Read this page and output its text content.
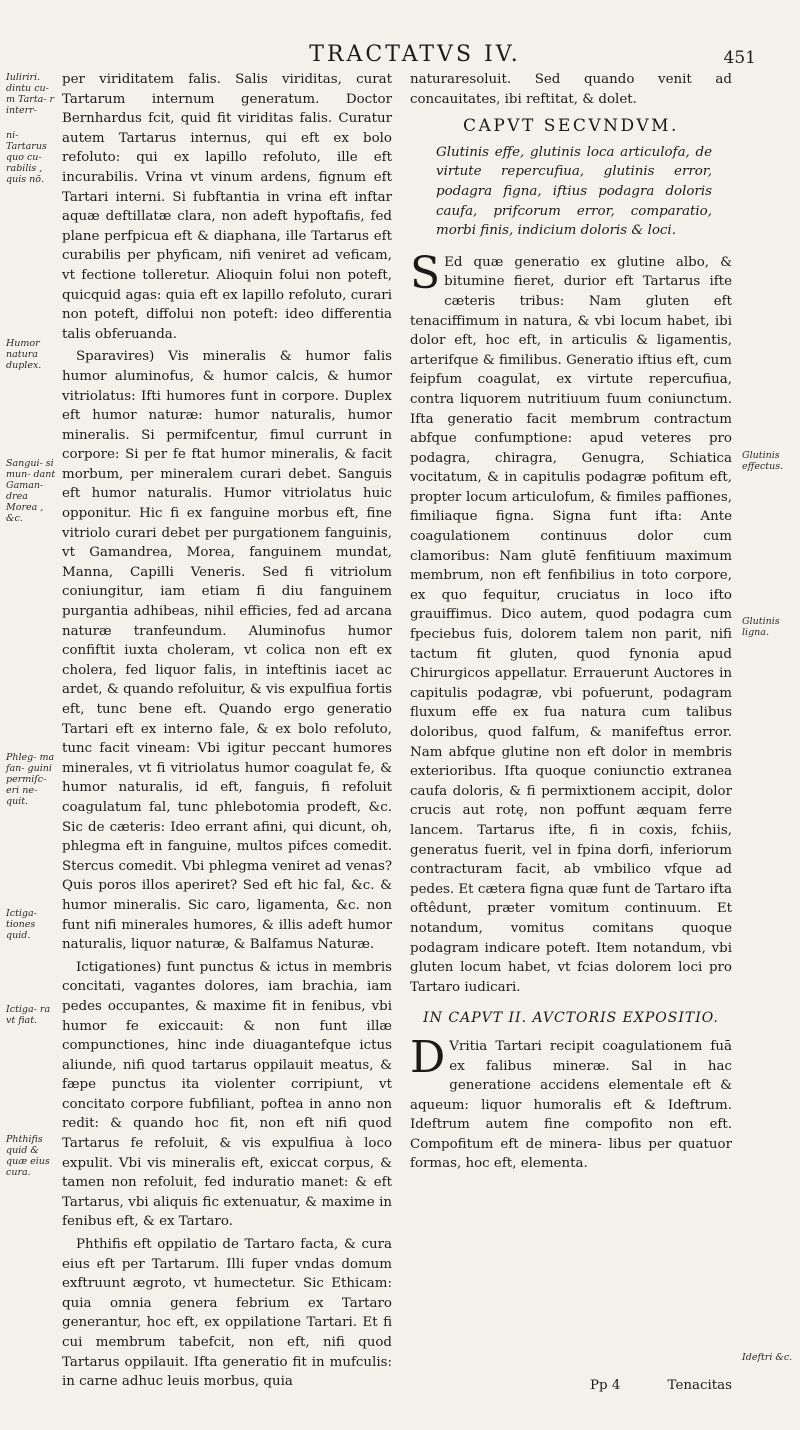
TRACTATVS IV.	451
Iuliriri. dintu cu- m Tarta- r interr-
ni- Tartarus quo cu- rabilis , quis nō.
Humor natura duplex.
Sangui- si mun- dant Gaman- drea Morea , &c.
Phleg- ma fan- guini permiſc- eri ne- quit.
Ictiga- tiones quid.
Ictiga- ra vt fiat.
Phthifis quid & quæ eius cura.

per viriditatem falis. Salis viriditas, curat Tartarum internum generatum. Doctor Bernhardus fcit, quid fit viriditas falis. Curatur autem Tartarus internus, qui eft ex bolo refoluto: qui ex lapillo refoluto, ille eft incurabilis. Vrina vt vinum ardens, fignum eft Tartari interni. Si fubftantia in vrina eft inftar aquæ deftillatæ clara, non adeft hypoftafis, fed plane perfpicua eft & diaphana, ille Tartarus eft curabilis per phyficam, nifi veniret ad veficam, vt fectione tolleretur. Alioquin folui non poteft, quicquid agas: quia eft ex lapillo refoluto, curari non poteft, diffolui non poteft: ideo differentia talis obferuanda.

Sparavires) Vis mineralis & humor falis humor aluminofus, & humor calcis, & humor vitriolatus: Ifti humores funt in corpore. Duplex eft humor naturæ: humor naturalis, humor mineralis. Si permifcentur, fimul currunt in corpore: Si per fe ftat humor mineralis, & facit morbum, per mineralem curari debet. Sanguis eft humor naturalis. Humor vitriolatus huic opponitur. Hic fi ex fanguine morbus eft, fine vitriolo curari debet per purgationem fanguinis, vt Gamandrea, Morea, fanguinem mundat, Manna, Capilli Veneris. Sed fi vitriolum coniungitur, iam etiam fi diu fanguinem purgantia adhibeas, nihil efficies, fed ad arcana naturæ tranfeundum. Aluminofus humor confiftit iuxta choleram, vt colica non eft ex cholera, fed liquor falis, in inteftinis iacet ac ardet, & quando refoluitur, & vis expulfiua fortis eft, tunc bene eft. Quando ergo generatio Tartari eft ex interno fale, & ex bolo refoluto, tunc facit vineam: Vbi igitur peccant humores minerales, vt fi vitriolatus humor coagulat fe, & humor naturalis, id eft, fanguis, fi refoluit coagulatum fal, tunc phlebotomia prodeft, &c. Sic de cæteris: Ideo errant afini, qui dicunt, oh, phlegma eft in fanguine, multos pifces comedit. Stercus comedit. Vbi phlegma veniret ad venas? Quis poros illos aperiret? Sed eft hic fal, &c. & humor mineralis. Sic caro, ligamenta, &c. non funt nifi minerales humores, & illis adeft humor naturalis, liquor naturæ, & Balfamus Naturæ.

Ictigationes) funt punctus & ictus in membris concitati, vagantes dolores, iam brachia, iam pedes occupantes, & maxime fit in fenibus, vbi humor fe exiccauit: & non funt illæ compunctiones, hinc inde diuagantefque ictus aliunde, nifi quod tartarus oppilauit meatus, & fæpe punctus ita violenter corripiunt, vt concitato corpore fubfiliant, poftea in anno non redit: & quando hoc fit, non eft nifi quod Tartarus fe refoluit, & vis expulfiua à loco expulit. Vbi vis mineralis eft, exiccat corpus, & tamen non refoluit, fed induratio manet: & eft Tartarus, vbi aliquis fic extenuatur, & maxime in fenibus eft, & ex Tartaro.

Phthifis eft oppilatio de Tartaro facta, & cura eius eft per Tartarum. Illi fuper vndas domum exftruunt ægroto, vt humectetur. Sic Ethicam: quia omnia genera febrium ex Tartaro generantur, hoc eft, ex oppilatione Tartari. Et fi cui membrum tabefcit, non eft, nifi quod Tartarus oppilauit. Ifta generatio fit in mufculis: in carne adhuc leuis morbus, quia

naturaresoluit. Sed quando venit ad concauitates, ibi reftitat, & dolet.

CAPVT SECVNDVM.
Glutinis effe, glutinis loca articulofa, de virtute repercufiua, glutinis error, podagra figna, iftius podagra doloris caufa, prifcorum error, comparatio, morbi finis, indicium doloris & loci.

S Ed quæ generatio ex glutine albo, & bitumine fieret, durior eft Tartarus ifte cæteris tribus: Nam gluten eft tenaciffimum in natura, & vbi locum habet, ibi dolor eft, hoc eft, in articulis & ligamentis, arterifque & fimilibus. Generatio iftius eft, cum feipfum coagulat, ex virtute repercufiua, contra liquorem nutritiuum fuum coniunctum. Ifta generatio facit membrum contractum abfque confumptione: apud veteres pro podagra, chiragra, Genugra, Schiatica vocitatum, & in capitulis podagræ pofitum eft, propter locum articulofum, & fimiles paffiones, fimiliaque figna. Signa funt ifta: Ante coagulationem continuus dolor cum clamoribus: Nam glutē fenfitiuum maximum membrum, non eft fenfibilius in toto corpore, ex quo fequitur, cruciatus in loco ifto grauiffimus. Dico autem, quod podagra cum fpeciebus fuis, dolorem talem non parit, nifi tactum fit gluten, quod fynonia apud Chirurgicos appellatur. Errauerunt Auctores in capitulis podagræ, vbi pofuerunt, podagram fluxum effe ex fua natura cum talibus doloribus, quod falfum, & manifeftus error. Nam abfque glutine non eft dolor in membris exterioribus. Ifta quoque coniunctio extranea caufa doloris, & fi permixtionem accipit, dolor crucis aut rotę, non poffunt æquam ferre lancem. Tartarus ifte, fi in coxis, fchiis, generatus fuerit, vel in fpina dorfi, inferiorum contracturam facit, ab vmbilico vfque ad pedes. Et cætera figna quæ funt de Tartaro ifta oftêdunt, præter vomitum continuum. Et notandum, vomitus comitans quoque podagram indicare poteft. Item notandum, vbi gluten locum habet, vt fcias dolorem loci pro Tartaro iudicari.

IN CAPVT II. AVCTORIS EXPOSITIO.

D Vritia Tartari recipit coagulationem fuā ex falibus mineræ. Sal in hac generatione accidens elementale eft & aqueum: liquor humoralis eft & Ideftrum. Ideftrum autem fine compofito non eft. Compofitum eft de minera- libus per quatuor formas, hoc eft, elementa.

Glutinis effectus.
Glutinis ligna.
Ideftri &c.
Pp 4	Tenacitas
